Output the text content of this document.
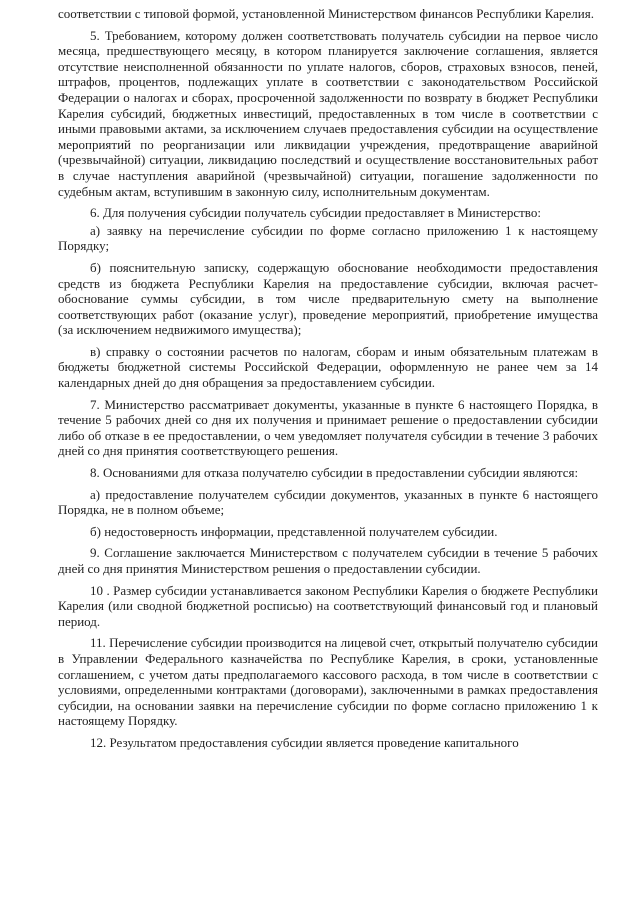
соответствии с типовой формой, установленной Министерством финансов Республики Карелия.

5. Требованием, которому должен соответствовать получатель субсидии на первое число месяца, предшествующего месяцу, в котором планируется заключение соглашения, является отсутствие неисполненной обязанности по уплате налогов, сборов, страховых взносов, пеней, штрафов, процентов, подлежащих уплате в соответствии с законодательством Российской Федерации о налогах и сборах, просроченной задолженности по возврату в бюджет Республики Карелия субсидий, бюджетных инвестиций, предоставленных в том числе в соответствии с иными правовыми актами, за исключением случаев предоставления субсидии на осуществление мероприятий по реорганизации или ликвидации учреждения, предотвращение аварийной (чрезвычайной) ситуации, ликвидацию последствий и осуществление восстановительных работ в случае наступления аварийной (чрезвычайной) ситуации, погашение задолженности по судебным актам, вступившим в законную силу, исполнительным документам.

6. Для получения субсидии получатель субсидии предоставляет в Министерство:

а) заявку на перечисление субсидии по форме согласно приложению 1 к настоящему Порядку;

б) пояснительную записку, содержащую обоснование необходимости предоставления средств из бюджета Республики Карелия на предоставление субсидии, включая расчет-обоснование суммы субсидии, в том числе предварительную смету на выполнение соответствующих работ (оказание услуг), проведение мероприятий, приобретение имущества (за исключением недвижимого имущества);

в) справку о состоянии расчетов по налогам, сборам и иным обязательным платежам в бюджеты бюджетной системы Российской Федерации, оформленную не ранее чем за 14 календарных дней до дня обращения за предоставлением субсидии.

7. Министерство рассматривает документы, указанные в пункте 6 настоящего Порядка, в течение 5 рабочих дней со дня их получения и принимает решение о предоставлении субсидии либо об отказе в ее предоставлении, о чем уведомляет получателя субсидии в течение 3 рабочих дней со дня принятия соответствующего решения.

8. Основаниями для отказа получателю субсидии в предоставлении субсидии являются:

а) предоставление получателем субсидии документов, указанных в пункте 6 настоящего Порядка, не в полном объеме;

б) недостоверность информации, представленной получателем субсидии.

9. Соглашение заключается Министерством с получателем субсидии в течение 5 рабочих дней со дня принятия Министерством решения о предоставлении субсидии.

10 . Размер субсидии устанавливается законом Республики Карелия о бюджете Республики Карелия (или сводной бюджетной росписью) на соответствующий финансовый год и плановый период.

11. Перечисление субсидии производится на лицевой счет, открытый получателю субсидии в Управлении Федерального казначейства по Республике Карелия, в сроки, установленные соглашением, с учетом даты предполагаемого кассового расхода, в том числе в соответствии с условиями, определенными контрактами (договорами), заключенными в рамках предоставления субсидии, на основании заявки на перечисление субсидии по форме согласно приложению 1 к настоящему Порядку.

12. Результатом предоставления субсидии является проведение капитального
